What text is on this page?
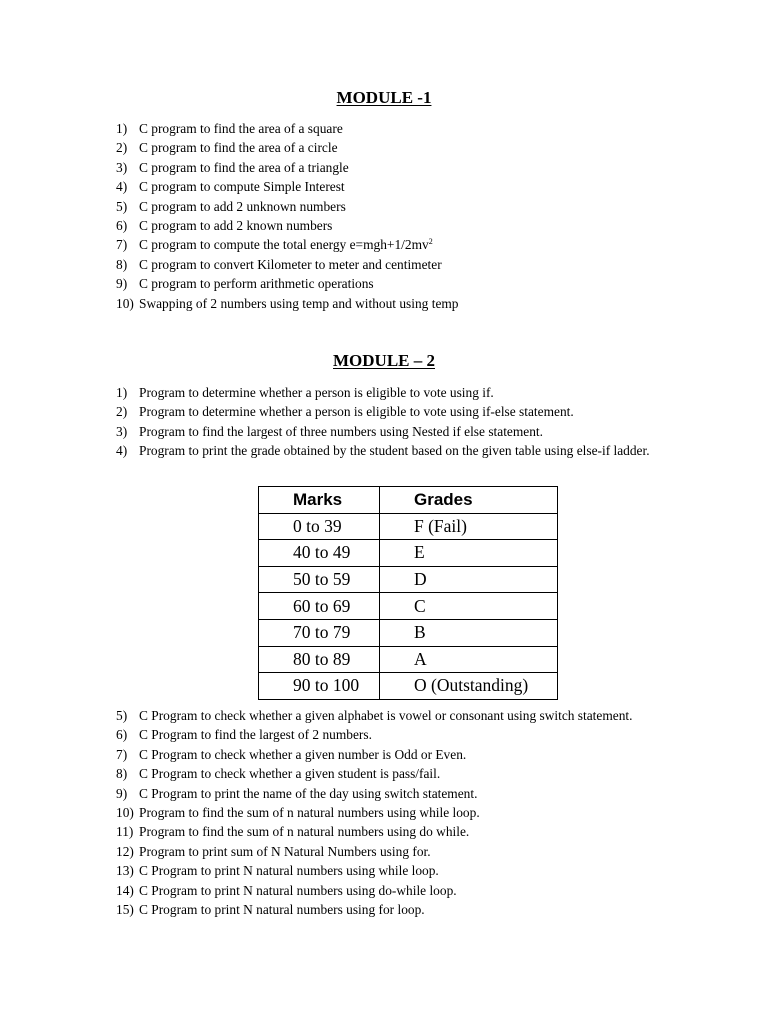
MODULE -1
1) C program to find the area of a square
2) C program to find the area of a circle
3) C program to find the area of a triangle
4) C program to compute Simple Interest
5) C program to add 2 unknown numbers
6) C program to add 2 known numbers
7) C program to compute the total energy $e=mgh+1/2mv^2$
8) C program to convert Kilometer to meter and centimeter
9) C program to perform arithmetic operations
10) Swapping of 2 numbers using temp and without using temp
MODULE – 2
1) Program to determine whether a person is eligible to vote using if.
2) Program to determine whether a person is eligible to vote using if-else statement.
3) Program to find the largest of three numbers using Nested if else statement.
4) Program to print the grade obtained by the student based on the given table using else-if ladder.
Marks	Grades
0 to 39	F (Fail)
40 to 49	E
50 to 59	D
60 to 69	C
70 to 79	B
80 to 89	A
90 to 100	O (Outstanding)
5) C Program to check whether a given alphabet is vowel or consonant using switch statement.
6) C Program to find the largest of 2 numbers.
7) C Program to check whether a given number is Odd or Even.
8) C Program to check whether a given student is pass/fail.
9) C Program to print the name of the day using switch statement.
10) Program to find the sum of n natural numbers using while loop.
11) Program to find the sum of n natural numbers using do while.
12) Program to print sum of N Natural Numbers using for.
13) C Program to print N natural numbers using while loop.
14) C Program to print N natural numbers using do-while loop.
15) C Program to print N natural numbers using for loop.
